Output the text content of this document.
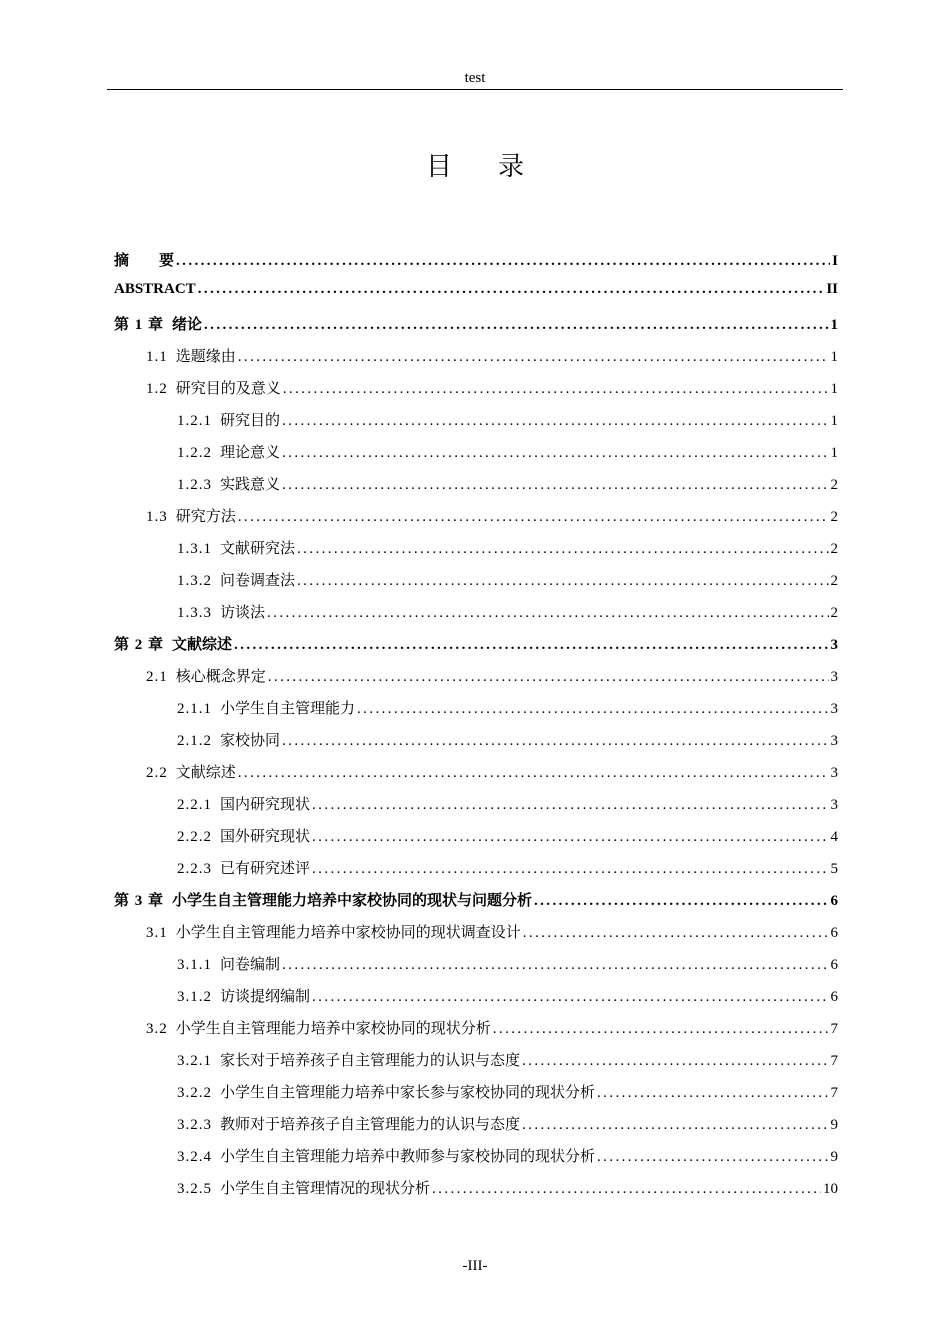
test
目 录
摘　　要 .....	I
ABSTRACT .....	II
第 1 章 绪论 .....	1
1.1 选题缘由 .....	1
1.2 研究目的及意义 .....	1
1.2.1 研究目的 .....	1
1.2.2 理论意义 .....	1
1.2.3 实践意义 .....	2
1.3 研究方法 .....	2
1.3.1 文献研究法 .....	2
1.3.2 问卷调查法 .....	2
1.3.3 访谈法 .....	2
第 2 章 文献综述 .....	3
2.1 核心概念界定 .....	3
2.1.1 小学生自主管理能力 .....	3
2.1.2 家校协同 .....	3
2.2 文献综述 .....	3
2.2.1 国内研究现状 .....	3
2.2.2 国外研究现状 .....	4
2.2.3 已有研究述评 .....	5
第 3 章 小学生自主管理能力培养中家校协同的现状与问题分析 .....	6
3.1 小学生自主管理能力培养中家校协同的现状调查设计 .....	6
3.1.1 问卷编制 .....	6
3.1.2 访谈提纲编制 .....	6
3.2 小学生自主管理能力培养中家校协同的现状分析 .....	7
3.2.1 家长对于培养孩子自主管理能力的认识与态度 .....	7
3.2.2 小学生自主管理能力培养中家长参与家校协同的现状分析 .....	7
3.2.3 教师对于培养孩子自主管理能力的认识与态度 .....	9
3.2.4 小学生自主管理能力培养中教师参与家校协同的现状分析 .....	9
3.2.5 小学生自主管理情况的现状分析 .....	10
-III-
